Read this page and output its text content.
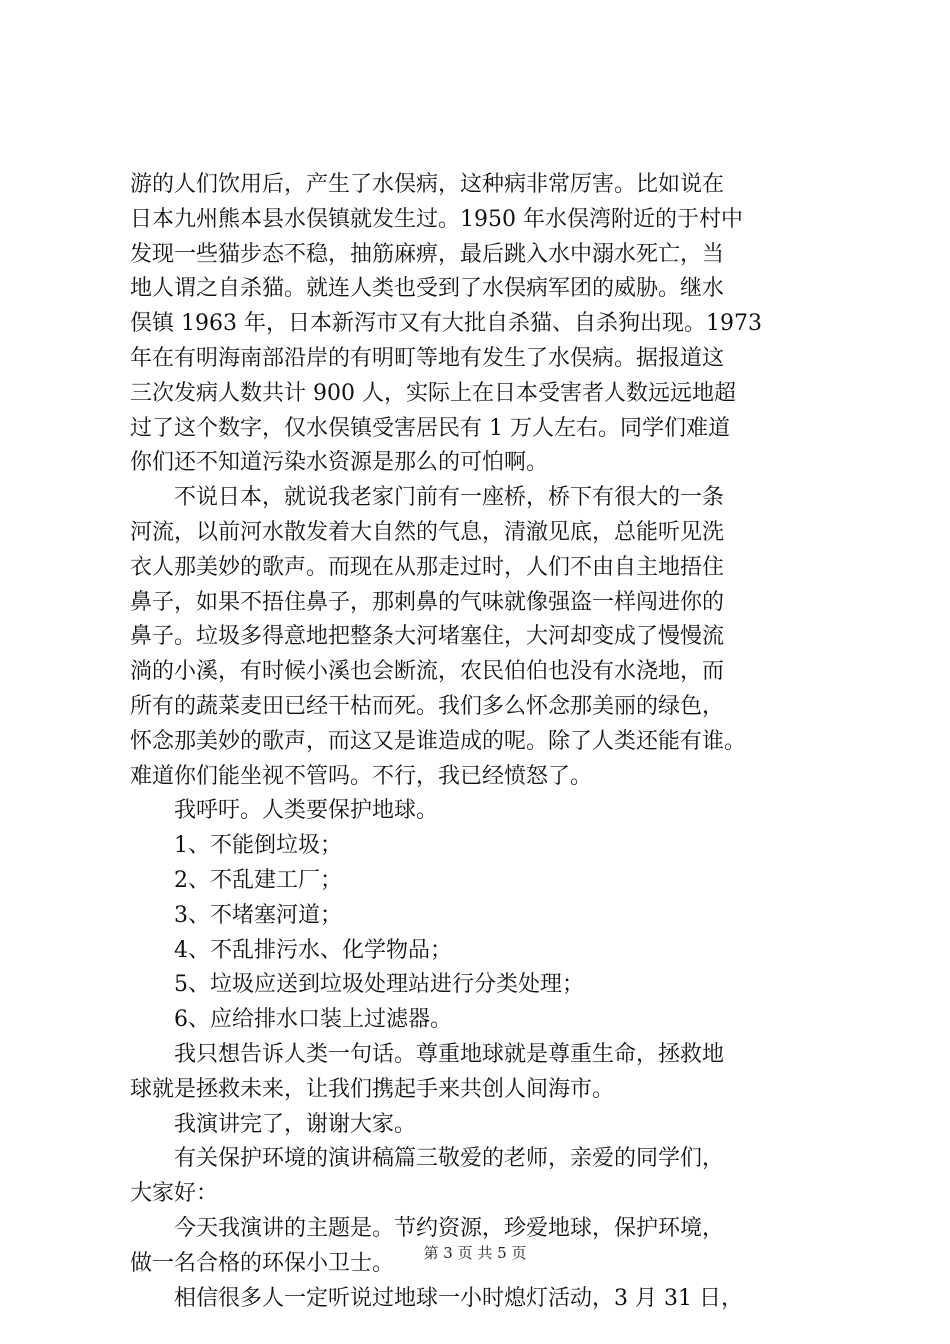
游的人们饮用后，产生了水俣病，这种病非常厉害。比如说在
日本九州熊本县水俣镇就发生过。1950 年水俣湾附近的于村中
发现一些猫步态不稳，抽筋麻痹，最后跳入水中溺水死亡，当
地人谓之自杀猫。就连人类也受到了水俣病军团的威胁。继水
俣镇 1963 年，日本新泻市又有大批自杀猫、自杀狗出现。1973
年在有明海南部沿岸的有明町等地有发生了水俣病。据报道这
三次发病人数共计 900 人，实际上在日本受害者人数远远地超
过了这个数字，仅水俣镇受害居民有 1 万人左右。同学们难道
你们还不知道污染水资源是那么的可怕啊。

不说日本，就说我老家门前有一座桥，桥下有很大的一条
河流，以前河水散发着大自然的气息，清澈见底，总能听见洗
衣人那美妙的歌声。而现在从那走过时，人们不由自主地捂住
鼻子，如果不捂住鼻子，那刺鼻的气味就像强盗一样闯进你的
鼻子。垃圾多得意地把整条大河堵塞住，大河却变成了慢慢流
淌的小溪，有时候小溪也会断流，农民伯伯也没有水浇地，而
所有的蔬菜麦田已经干枯而死。我们多么怀念那美丽的绿色，
怀念那美妙的歌声，而这又是谁造成的呢。除了人类还能有谁。
难道你们能坐视不管吗。不行，我已经愤怒了。

我呼吁。人类要保护地球。

1、不能倒垃圾；

2、不乱建工厂；

3、不堵塞河道；

4、不乱排污水、化学物品；

5、垃圾应送到垃圾处理站进行分类处理；

6、应给排水口装上过滤器。

我只想告诉人类一句话。尊重地球就是尊重生命，拯救地
球就是拯救未来，让我们携起手来共创人间海市。

我演讲完了，谢谢大家。

有关保护环境的演讲稿篇三敬爱的老师，亲爱的同学们，
大家好：

今天我演讲的主题是。节约资源，珍爱地球，保护环境，
做一名合格的环保小卫士。

相信很多人一定听说过地球一小时熄灯活动，3 月 31 日，

第 3 页 共 5 页
